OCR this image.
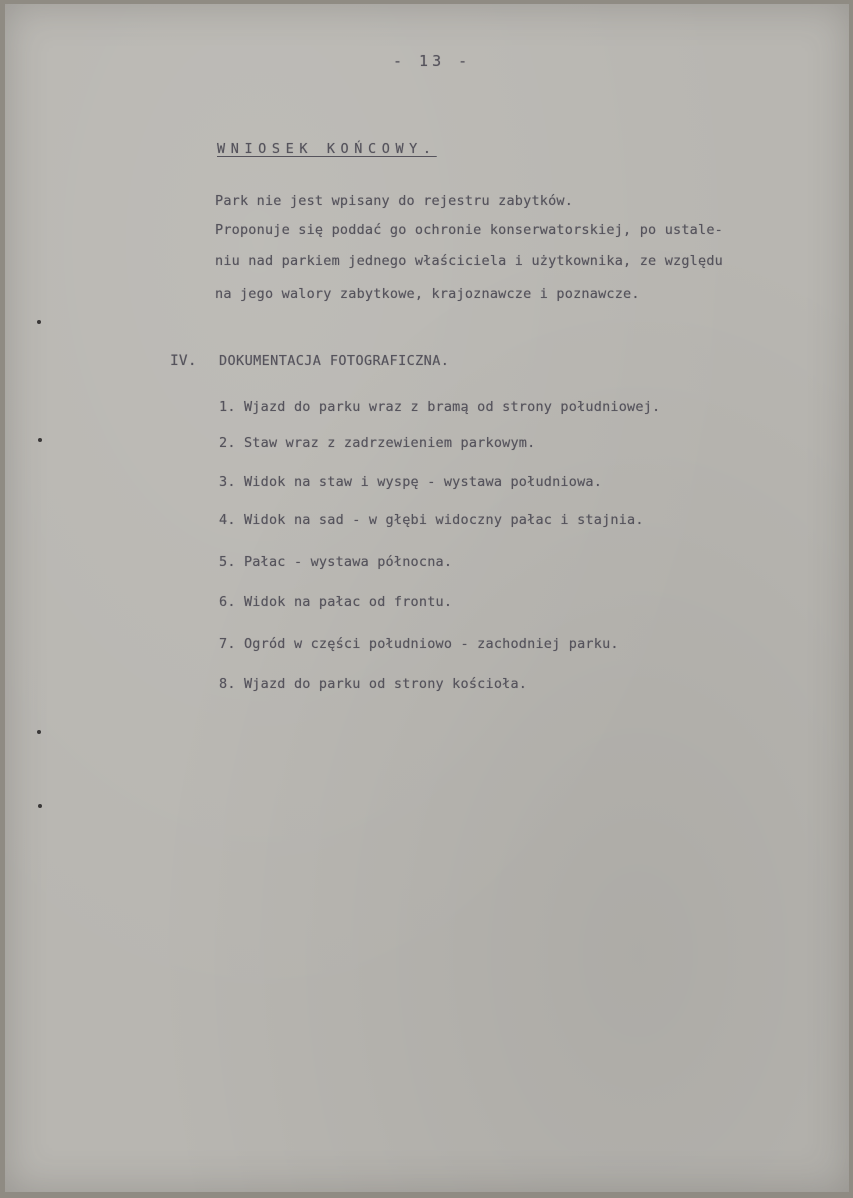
- 13 -
WNIOSEK KOŃCOWY.
Park nie jest wpisany do rejestru zabytków.
Proponuje się poddać go ochronie konserwatorskiej, po ustale-
niu nad parkiem jednego właściciela i użytkownika, ze względu
na jego walory zabytkowe, krajoznawcze i poznawcze.
IV. DOKUMENTACJA FOTOGRAFICZNA.
1. Wjazd do parku wraz z bramą od strony południowej.
2. Staw wraz z zadrzewieniem parkowym.
3. Widok na staw i wyspę - wystawa południowa.
4. Widok na sad - w głębi widoczny pałac i stajnia.
5. Pałac - wystawa północna.
6. Widok na pałac od frontu.
7. Ogród w części południowo - zachodniej parku.
8. Wjazd do parku od strony kościoła.
